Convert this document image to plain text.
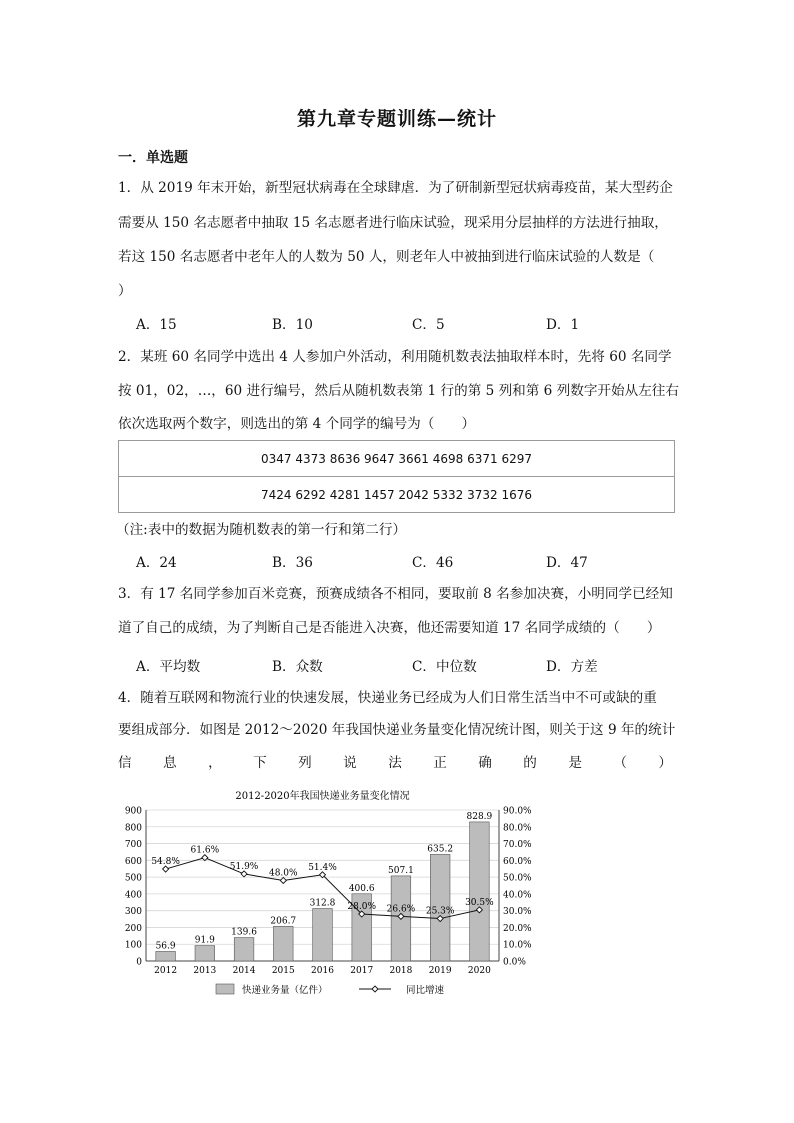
第九章专题训练—统计
一．单选题
1．从 2019 年末开始，新型冠状病毒在全球肆虐．为了研制新型冠状病毒疫苗，某大型药企
需要从 150 名志愿者中抽取 15 名志愿者进行临床试验，现采用分层抽样的方法进行抽取，
若这 150 名志愿者中老年人的人数为 50 人，则老年人中被抽到进行临床试验的人数是（
）
A．15	B．10	C．5	D．1
2．某班 60 名同学中选出 4 人参加户外活动，利用随机数表法抽取样本时，先将 60 名同学
按 01，02，…，60 进行编号，然后从随机数表第 1 行的第 5 列和第 6 列数字开始从左往右
依次选取两个数字，则选出的第 4 个同学的编号为（　　）
0347 4373 8636 9647 3661 4698 6371 6297
7424 6292 4281 1457 2042 5332 3732 1676
（注:表中的数据为随机数表的第一行和第二行）
A．24	B．36	C．46	D．47
3．有 17 名同学参加百米竞赛，预赛成绩各不相同，要取前 8 名参加决赛，小明同学已经知
道了自己的成绩，为了判断自己是否能进入决赛，他还需要知道 17 名同学成绩的（　　）
A．平均数	B．众数	C．中位数	D．方差
4．随着互联网和物流行业的快速发展，快递业务已经成为人们日常生活当中不可或缺的重
要组成部分．如图是 2012～2020 年我国快递业务量变化情况统计图，则关于这 9 年的统计
信 息 ， 下 列 说 法 正 确 的 是 （ ）
2012-2020年我国快递业务量变化情况
0
100
200
300
400
500
600
700
800
900
0.0%
10.0%
20.0%
30.0%
40.0%
50.0%
60.0%
70.0%
80.0%
90.0%
56.9
2012
91.9
2013
139.6
2014
206.7
2015
312.8
2016
400.6
2017
507.1
2018
635.2
2019
828.9
2020
54.8%
61.6%
51.9%
48.0%
51.4%
28.0% 26.6% 25.3%
30.5%
快递业务量（亿件）	同比增速
